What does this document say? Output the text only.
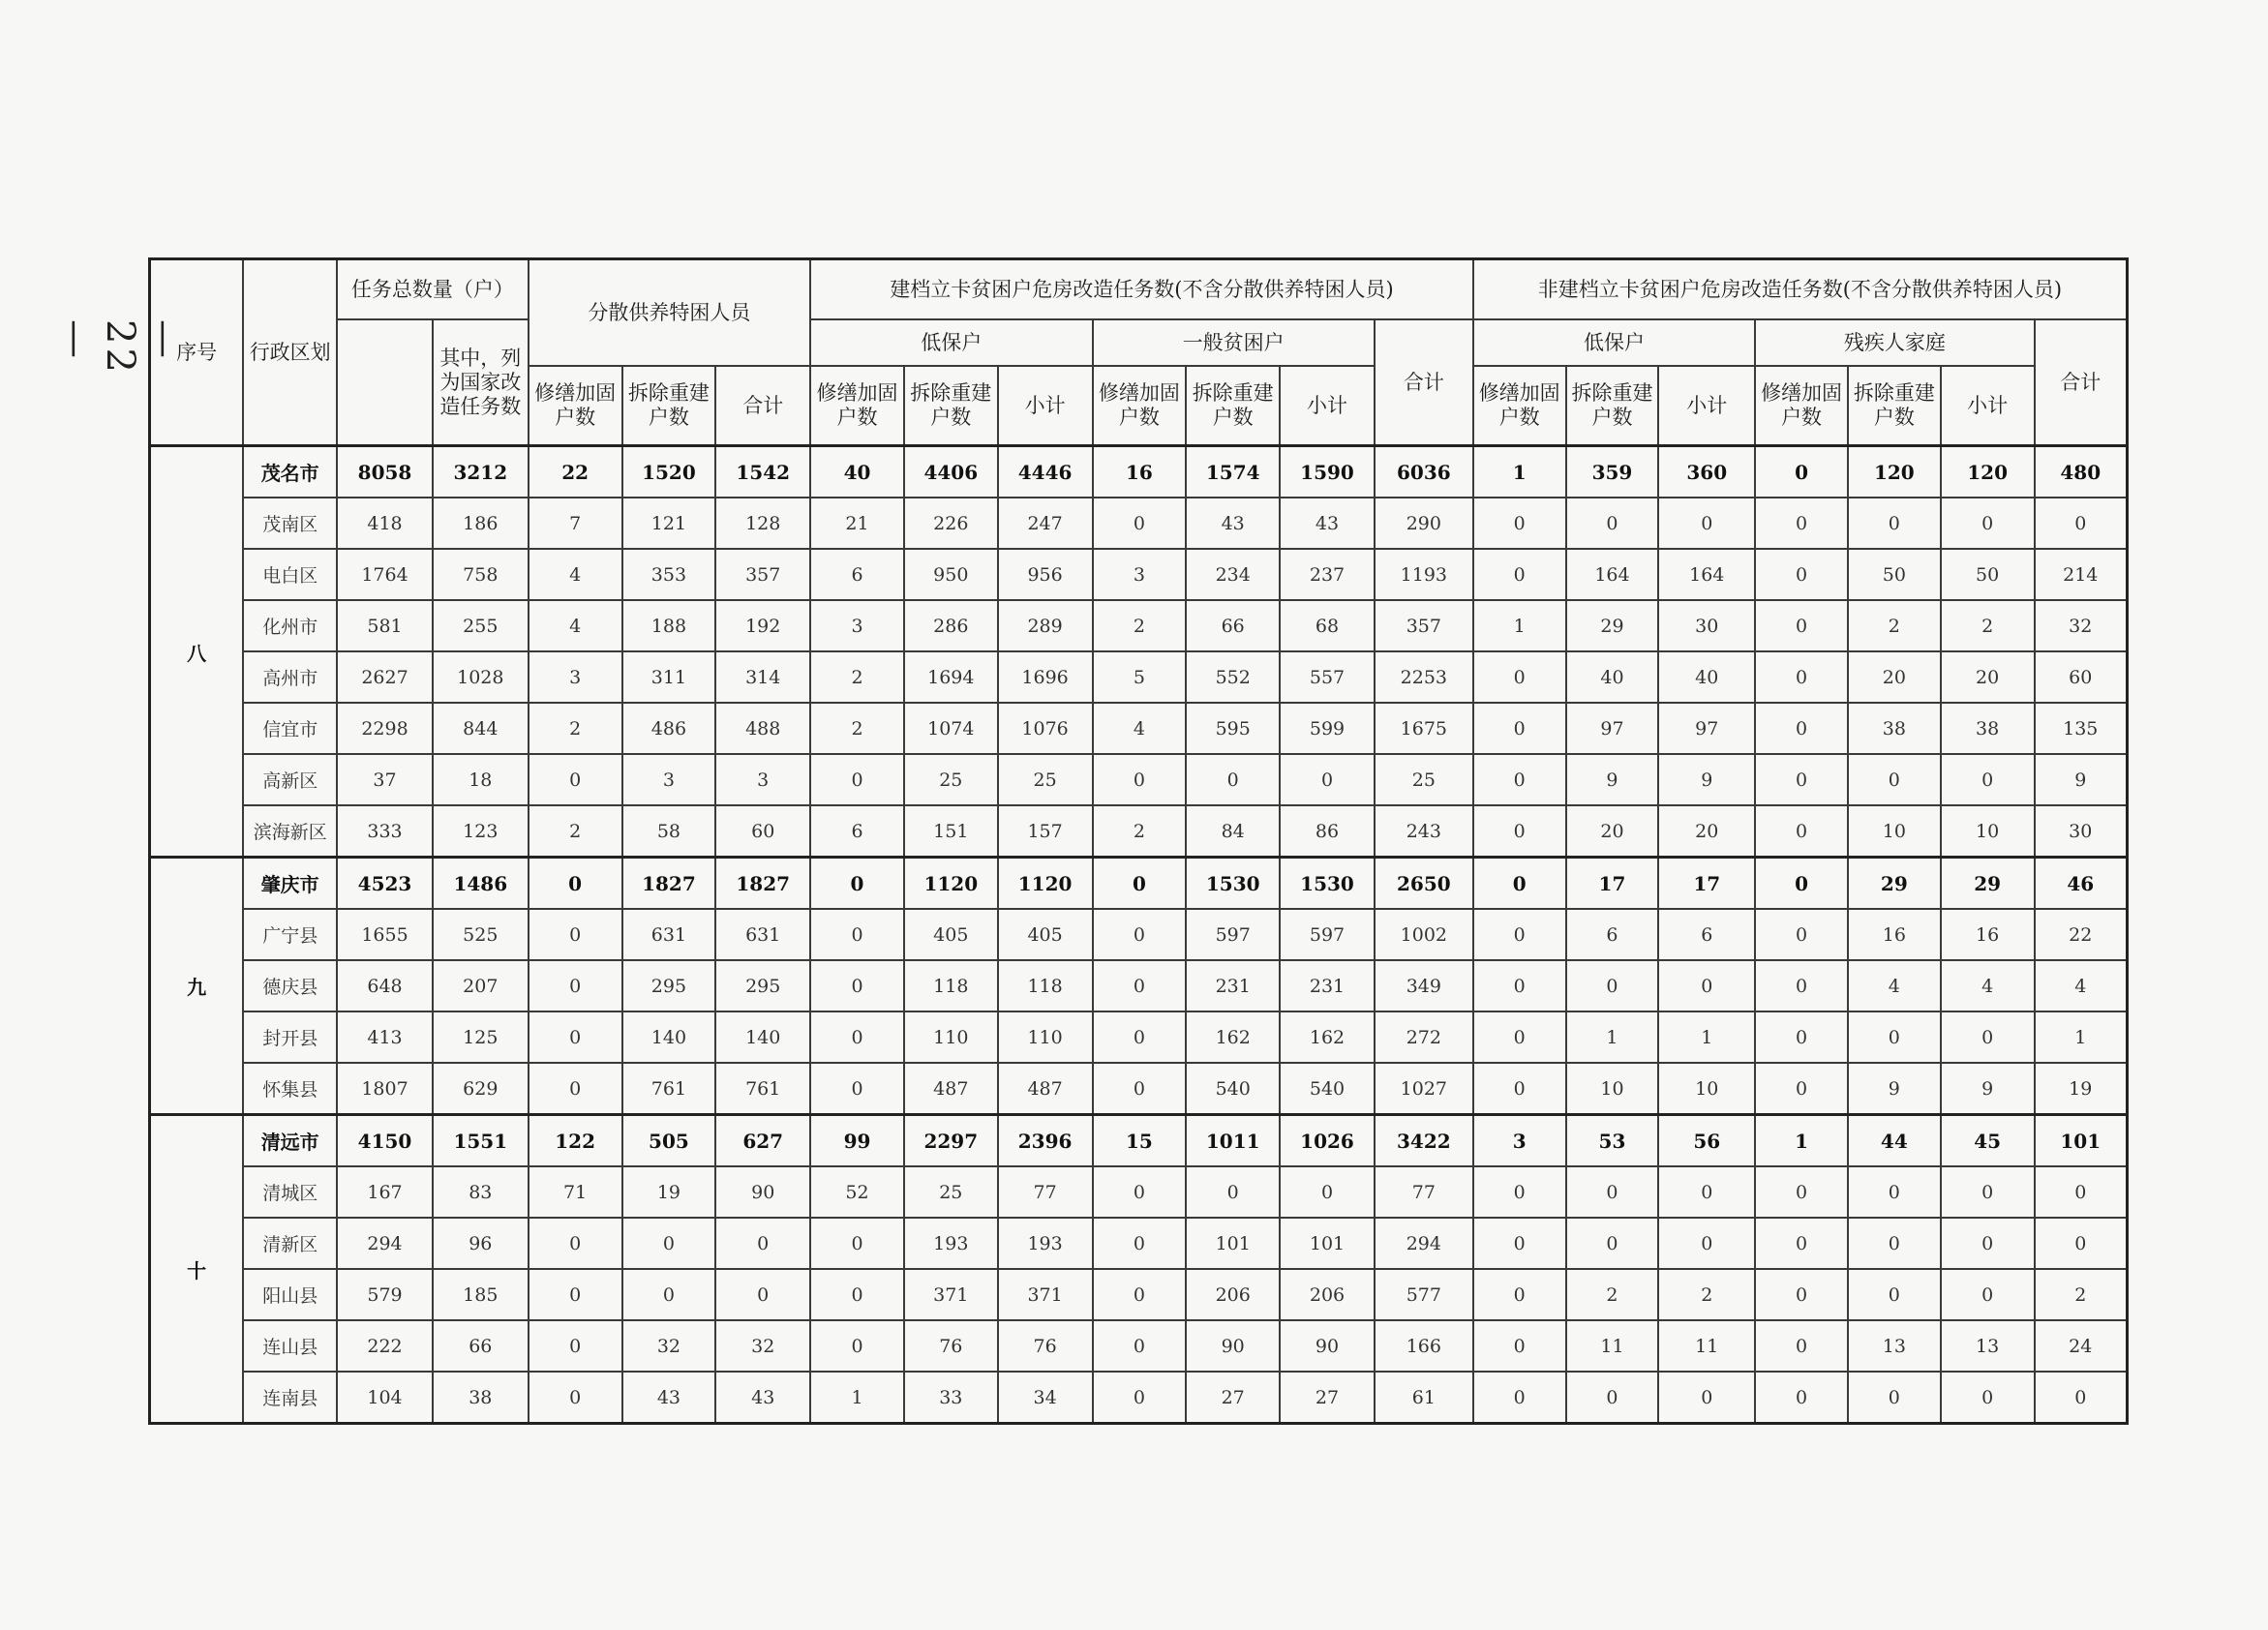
— 22 —	序号	行政区划	任务总数量（户）		分散供养特困人员			建档立卡贫困户危房改造任务数(不含分散供养特困人员)							非建档立卡贫困户危房改造任务数(不含分散供养特困人员)						
			其中，列为国家改造任务数				低保户			一般贫困户			合计	低保户			残疾人家庭			合计
				修缮加固户数	拆除重建户数	合计	修缮加固户数	拆除重建户数	小计	修缮加固户数	拆除重建户数	小计		修缮加固户数	拆除重建户数	小计	修缮加固户数	拆除重建户数	小计	
八	茂名市	8058	3212	22	1520	1542	40	4406	4446	16	1574	1590	6036	1	359	360	0	120	120	480
	茂南区	418	186	7	121	128	21	226	247	0	43	43	290	0	0	0	0	0	0	0
	电白区	1764	758	4	353	357	6	950	956	3	234	237	1193	0	164	164	0	50	50	214
	化州市	581	255	4	188	192	3	286	289	2	66	68	357	1	29	30	0	2	2	32
	高州市	2627	1028	3	311	314	2	1694	1696	5	552	557	2253	0	40	40	0	20	20	60
	信宜市	2298	844	2	486	488	2	1074	1076	4	595	599	1675	0	97	97	0	38	38	135
	高新区	37	18	0	3	3	0	25	25	0	0	0	25	0	9	9	0	0	0	9
	滨海新区	333	123	2	58	60	6	151	157	2	84	86	243	0	20	20	0	10	10	30
九	肇庆市	4523	1486	0	1827	1827	0	1120	1120	0	1530	1530	2650	0	17	17	0	29	29	46
	广宁县	1655	525	0	631	631	0	405	405	0	597	597	1002	0	6	6	0	16	16	22
	德庆县	648	207	0	295	295	0	118	118	0	231	231	349	0	0	0	0	4	4	4
	封开县	413	125	0	140	140	0	110	110	0	162	162	272	0	1	1	0	0	0	1
	怀集县	1807	629	0	761	761	0	487	487	0	540	540	1027	0	10	10	0	9	9	19
十	清远市	4150	1551	122	505	627	99	2297	2396	15	1011	1026	3422	3	53	56	1	44	45	101
	清城区	167	83	71	19	90	52	25	77	0	0	0	77	0	0	0	0	0	0	0
	清新区	294	96	0	0	0	0	193	193	0	101	101	294	0	0	0	0	0	0	0
	阳山县	579	185	0	0	0	0	371	371	0	206	206	577	0	2	2	0	0	0	2
	连山县	222	66	0	32	32	0	76	76	0	90	90	166	0	11	11	0	13	13	24
	连南县	104	38	0	43	43	1	33	34	0	27	27	61	0	0	0	0	0	0	0
